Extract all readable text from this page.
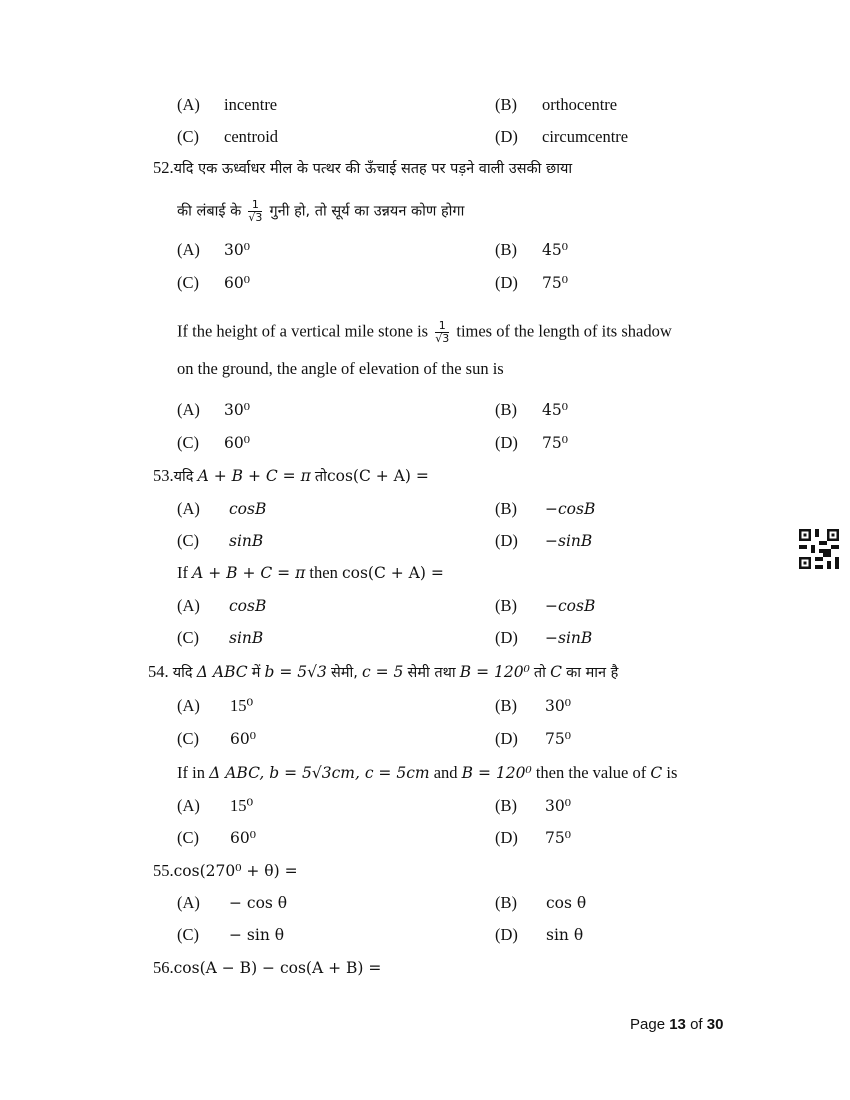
(A) incentre	(B) orthocentre
(C) centroid	(D) circumcentre
52.यदि एक ऊर्ध्वाधर मील के पत्थर की ऊँचाई सतह पर पड़ने वाली उसकी छाया
की लंबाई के $\frac{1}{√3}$ गुनी हो, तो सूर्य का उन्नयन कोण होगा
(A) 30⁰	(B) 45⁰
(C) 60⁰	(D) 75⁰
If the height of a vertical mile stone is $\frac{1}{√3}$ times of the length of its shadow
on the ground, the angle of elevation of the sun is
(A) 30⁰	(B) 45⁰
(C) 60⁰	(D) 75⁰
53.यदि A + B + C = π तोcos(C + A) =
(A) cosB	(B) −cosB
(C) sinB	(D) −sinB
If A + B + C = π then cos(C + A) =
(A) cosB	(B) −cosB
(C) sinB	(D) −sinB
54. यदि Δ ABC में b = 5√3 सेमी, c = 5 सेमी तथा B = 120⁰ तो C का मान है
(A) 15⁰	(B) 30⁰
(C) 60⁰	(D) 75⁰
If in Δ ABC, b = 5√3cm, c = 5cm and B = 120⁰ then the value of C is
(A) 15⁰	(B) 30⁰
(C) 60⁰	(D) 75⁰
55.cos(270⁰ + θ) =
(A) − cos θ	(B) cos θ
(C) − sin θ	(D) sin θ
56.cos(A − B) − cos(A + B) =
Page 13 of 30
